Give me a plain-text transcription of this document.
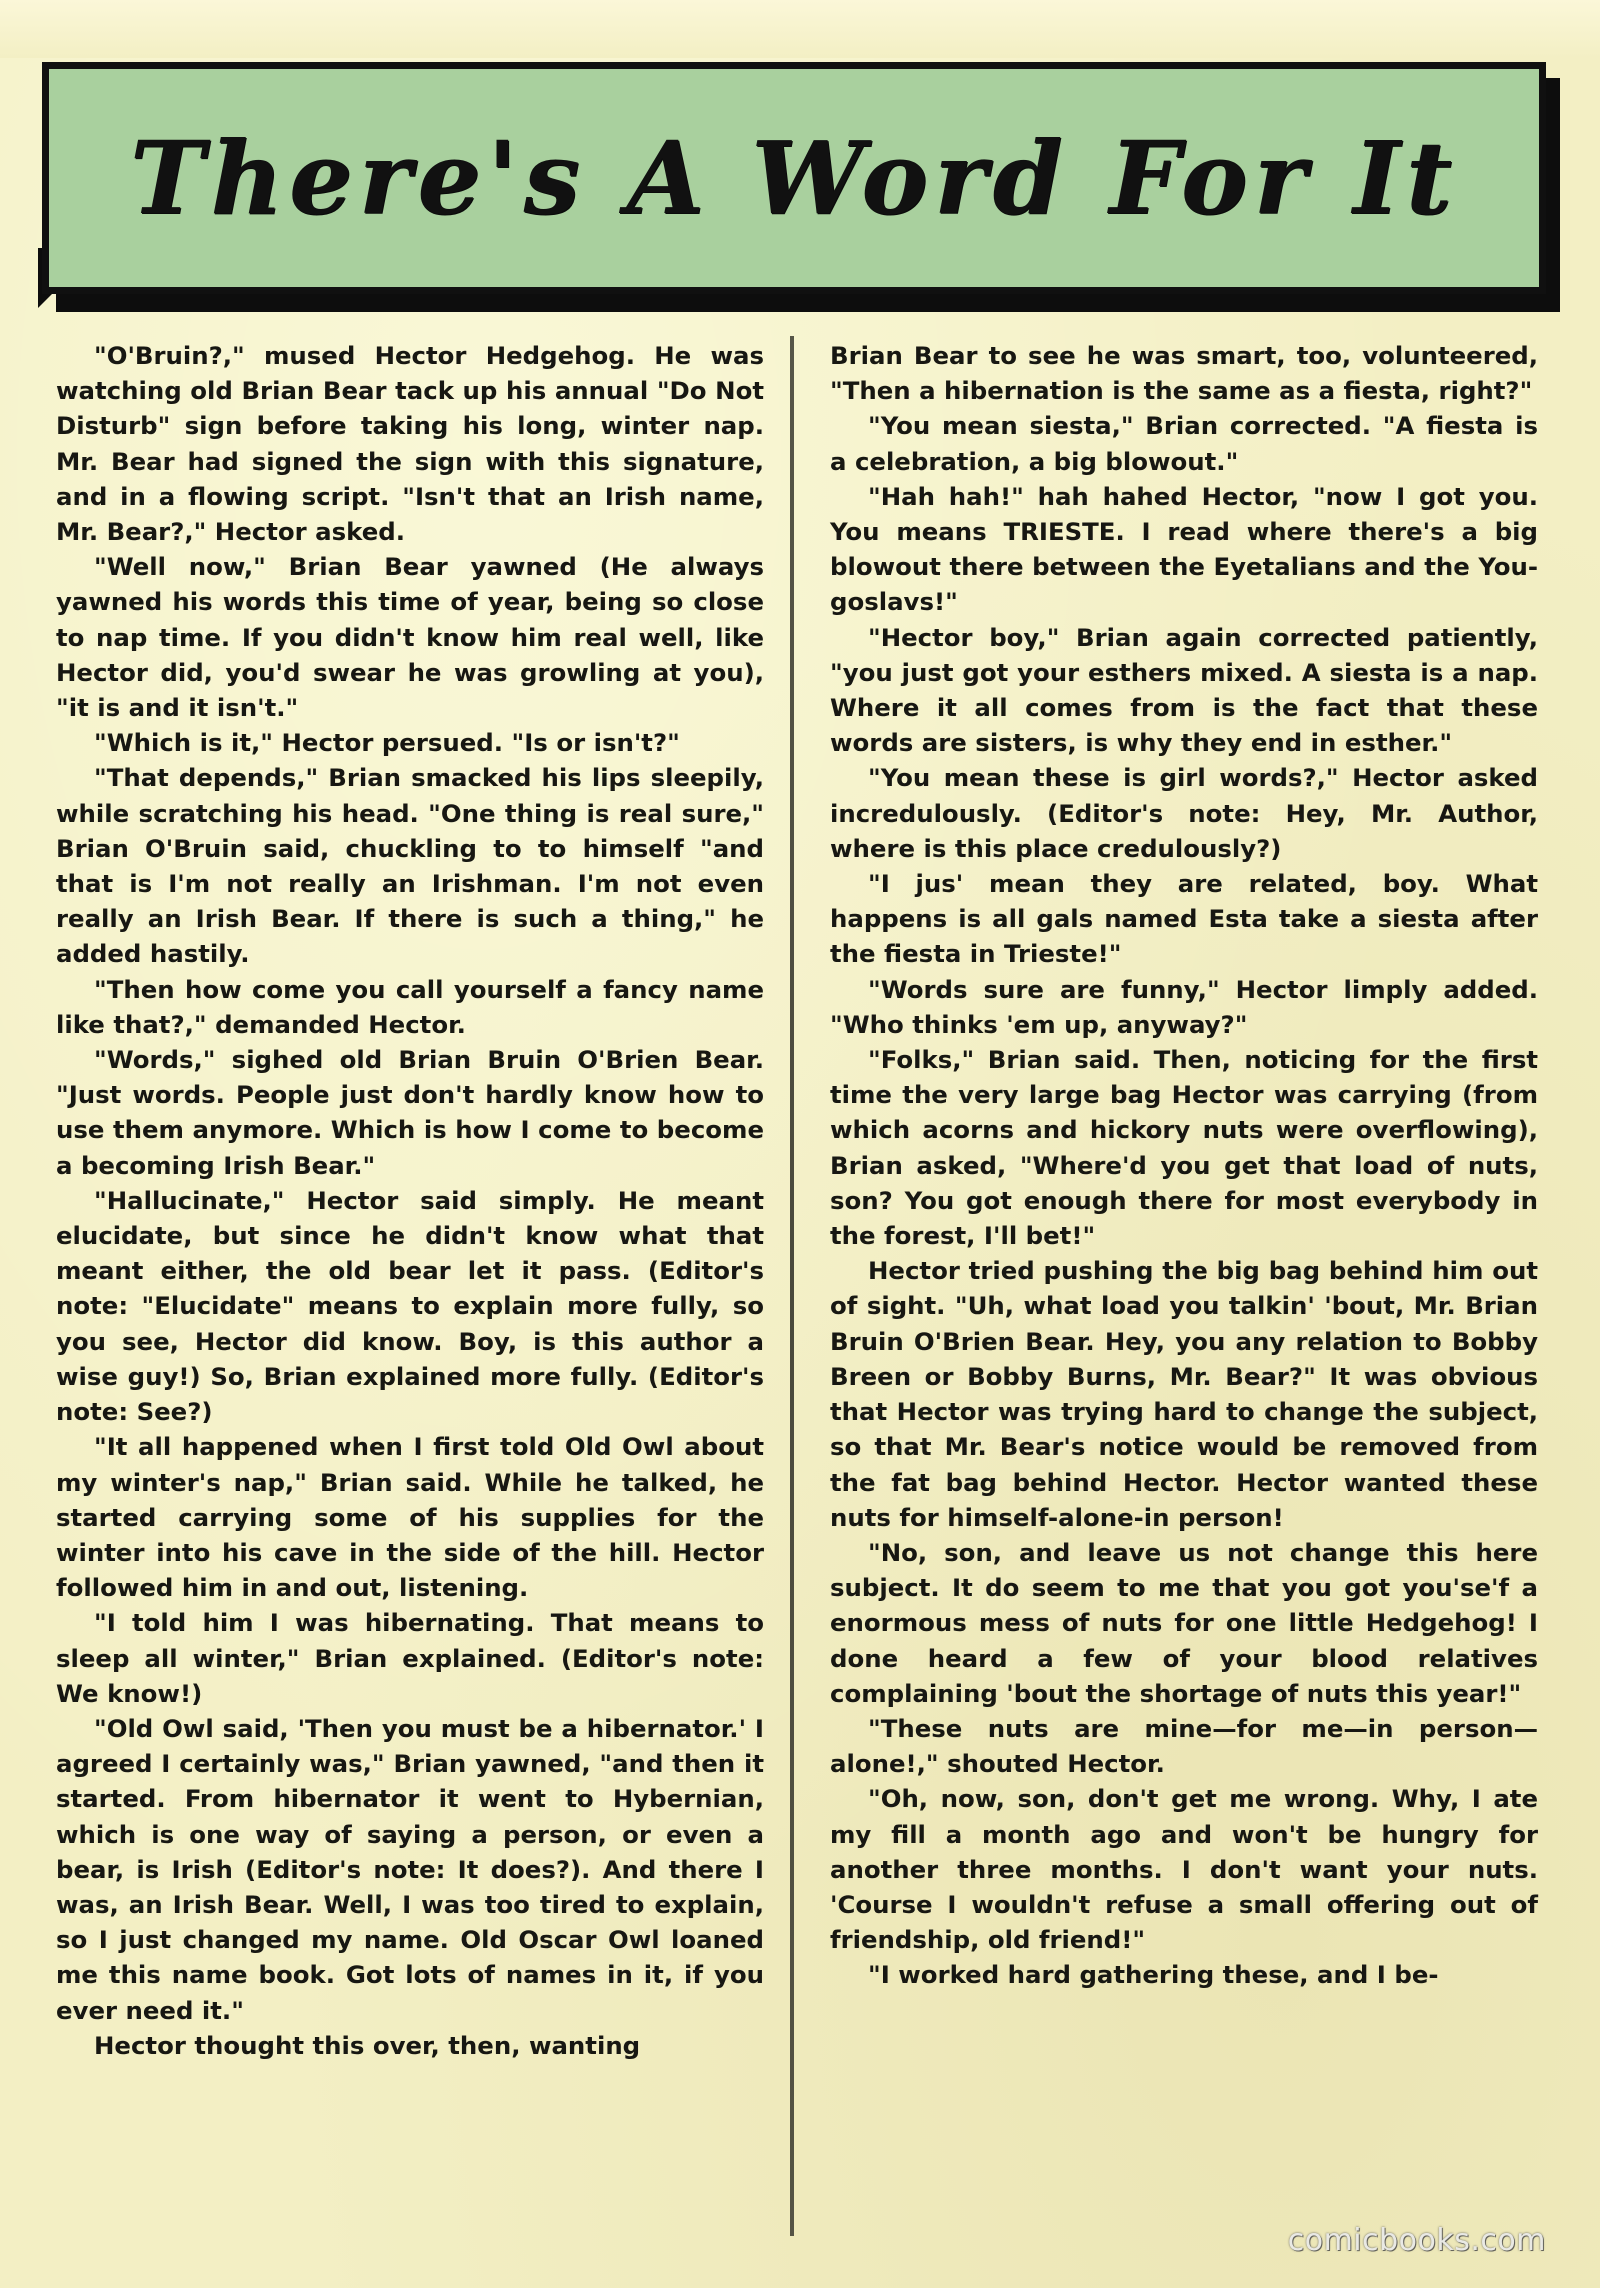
There's A Word For It

"O'Bruin?," mused Hector Hedgehog. He was watching old Brian Bear tack up his annual "Do Not Disturb" sign before taking his long, winter nap. Mr. Bear had signed the sign with this signature, and in a flowing script. "Isn't that an Irish name, Mr. Bear?," Hector asked.

"Well now," Brian Bear yawned (He always yawned his words this time of year, being so close to nap time. If you didn't know him real well, like Hector did, you'd swear he was growling at you), "it is and it isn't."

"Which is it," Hector persued. "Is or isn't?"

"That depends," Brian smacked his lips sleepily, while scratching his head. "One thing is real sure," Brian O'Bruin said, chuckling to to himself "and that is I'm not really an Irishman. I'm not even really an Irish Bear. If there is such a thing," he added hastily.

"Then how come you call yourself a fancy name like that?," demanded Hector.

"Words," sighed old Brian Bruin O'Brien Bear. "Just words. People just don't hardly know how to use them anymore. Which is how I come to become a becoming Irish Bear."

"Hallucinate," Hector said simply. He meant elucidate, but since he didn't know what that meant either, the old bear let it pass. (Editor's note: "Elucidate" means to explain more fully, so you see, Hector did know. Boy, is this author a wise guy!) So, Brian explained more fully. (Editor's note: See?)

"It all happened when I first told Old Owl about my winter's nap," Brian said. While he talked, he started carrying some of his supplies for the winter into his cave in the side of the hill. Hector followed him in and out, listening.

"I told him I was hibernating. That means to sleep all winter," Brian explained. (Editor's note: We know!)

"Old Owl said, 'Then you must be a hibernator.' I agreed I certainly was," Brian yawned, "and then it started. From hibernator it went to Hybernian, which is one way of saying a person, or even a bear, is Irish (Editor's note: It does?). And there I was, an Irish Bear. Well, I was too tired to explain, so I just changed my name. Old Oscar Owl loaned me this name book. Got lots of names in it, if you ever need it."

Hector thought this over, then, wanting

Brian Bear to see he was smart, too, volunteered, "Then a hibernation is the same as a fiesta, right?"

"You mean siesta," Brian corrected. "A fiesta is a celebration, a big blowout."

"Hah hah!" hah hahed Hector, "now I got you. You means TRIESTE. I read where there's a big blowout there between the Eyetalians and the You-goslavs!"

"Hector boy," Brian again corrected patiently, "you just got your esthers mixed. A siesta is a nap. Where it all comes from is the fact that these words are sisters, is why they end in esther."

"You mean these is girl words?," Hector asked incredulously. (Editor's note: Hey, Mr. Author, where is this place credulously?)

"I jus' mean they are related, boy. What happens is all gals named Esta take a siesta after the fiesta in Trieste!"

"Words sure are funny," Hector limply added. "Who thinks 'em up, anyway?"

"Folks," Brian said. Then, noticing for the first time the very large bag Hector was carrying (from which acorns and hickory nuts were overflowing), Brian asked, "Where'd you get that load of nuts, son? You got enough there for most everybody in the forest, I'll bet!"

Hector tried pushing the big bag behind him out of sight. "Uh, what load you talkin' 'bout, Mr. Brian Bruin O'Brien Bear. Hey, you any relation to Bobby Breen or Bobby Burns, Mr. Bear?" It was obvious that Hector was trying hard to change the subject, so that Mr. Bear's notice would be removed from the fat bag behind Hector. Hector wanted these nuts for himself-alone-in person!

"No, son, and leave us not change this here subject. It do seem to me that you got you'se'f a enormous mess of nuts for one little Hedgehog! I done heard a few of your blood relatives complaining 'bout the shortage of nuts this year!"

"These nuts are mine—for me—in person—alone!," shouted Hector.

"Oh, now, son, don't get me wrong. Why, I ate my fill a month ago and won't be hungry for another three months. I don't want your nuts. 'Course I wouldn't refuse a small offering out of friendship, old friend!"

"I worked hard gathering these, and I be-

comicbooks.com
